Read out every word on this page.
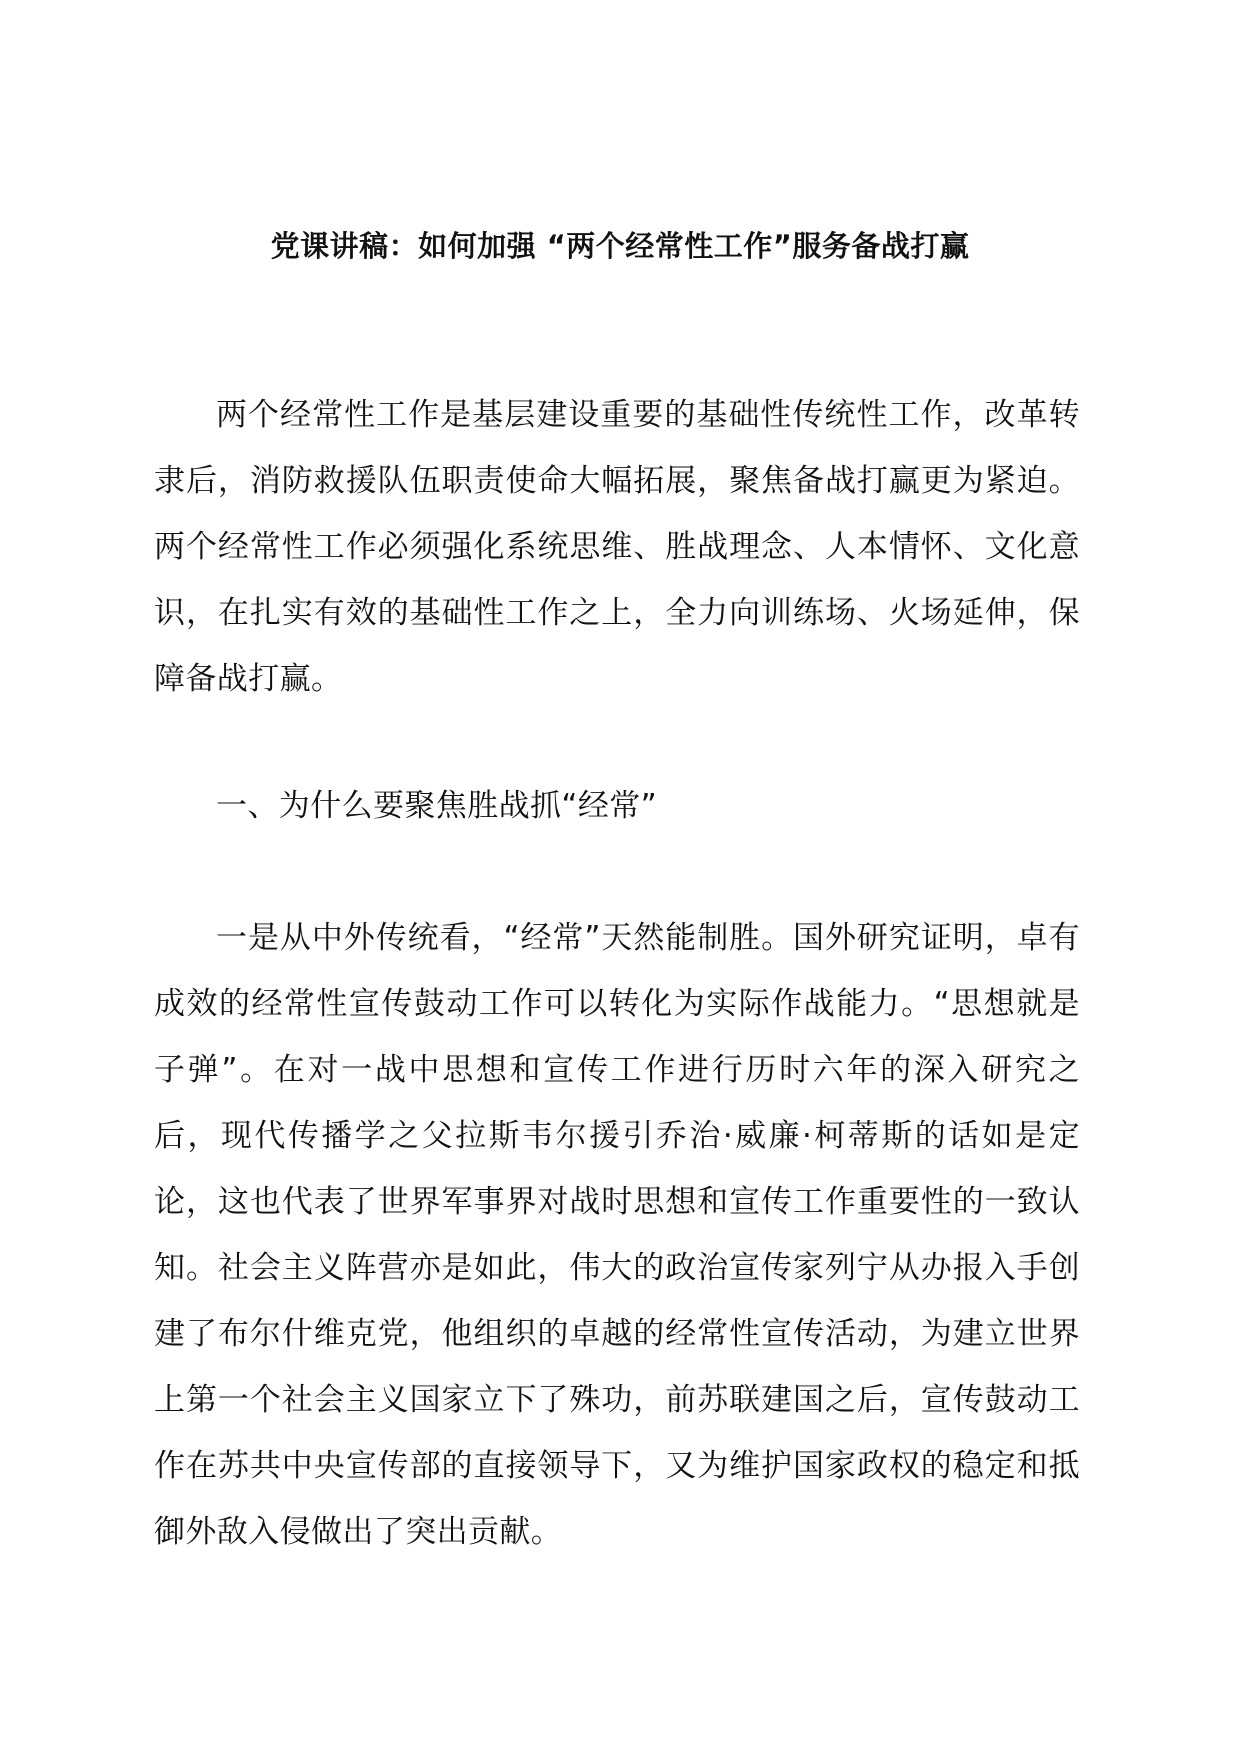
党课讲稿：如何加强 “两个经常性工作”服务备战打赢

两个经常性工作是基层建设重要的基础性传统性工作，改革转隶后，消防救援队伍职责使命大幅拓展，聚焦备战打赢更为紧迫。两个经常性工作必须强化系统思维、胜战理念、人本情怀、文化意识，在扎实有效的基础性工作之上，全力向训练场、火场延伸，保障备战打赢。

一、为什么要聚焦胜战抓“经常”

一是从中外传统看，“经常”天然能制胜。国外研究证明，卓有成效的经常性宣传鼓动工作可以转化为实际作战能力。“思想就是子弹”。在对一战中思想和宣传工作进行历时六年的深入研究之后，现代传播学之父拉斯韦尔援引乔治·威廉·柯蒂斯的话如是定论，这也代表了世界军事界对战时思想和宣传工作重要性的一致认知。社会主义阵营亦是如此，伟大的政治宣传家列宁从办报入手创建了布尔什维克党，他组织的卓越的经常性宣传活动，为建立世界上第一个社会主义国家立下了殊功，前苏联建国之后，宣传鼓动工作在苏共中央宣传部的直接领导下，又为维护国家政权的稳定和抵御外敌入侵做出了突出贡献。
